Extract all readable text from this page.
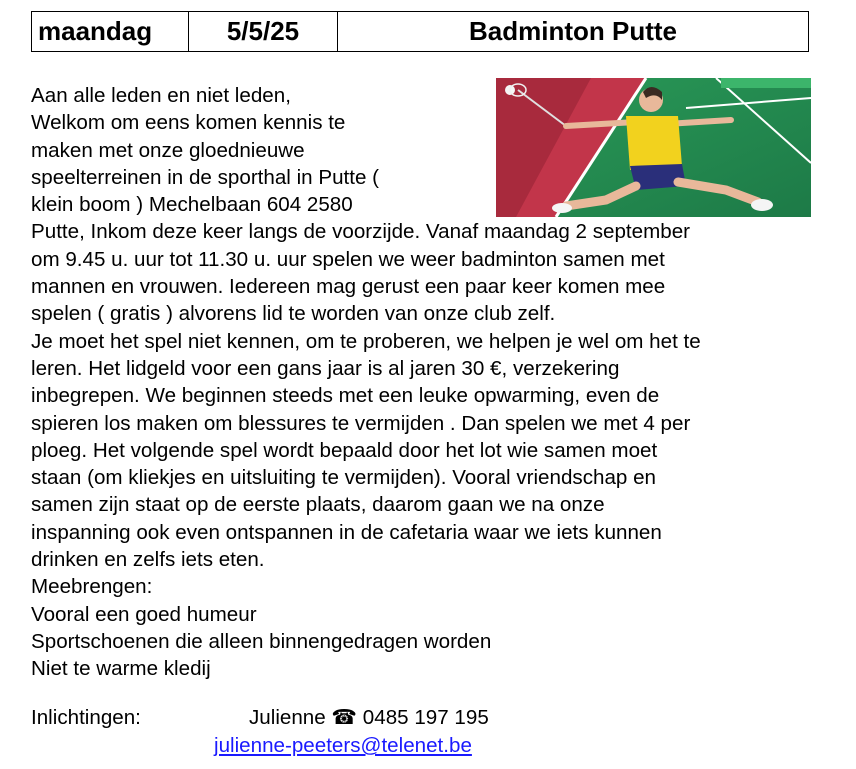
maandag	5/5/25	Badminton Putte
Aan alle leden en niet leden,
Welkom om eens komen kennis te
maken met onze gloednieuwe
speelterreinen in de sporthal in Putte (
klein boom ) Mechelbaan 604 2580
Putte, Inkom deze keer langs de voorzijde. Vanaf maandag 2 september
om 9.45 u. uur tot 11.30 u. uur spelen we weer badminton samen met
mannen en vrouwen. Iedereen mag gerust een paar keer komen mee
spelen ( gratis ) alvorens lid te worden van onze club zelf.
Je moet het spel niet kennen, om te proberen, we helpen je wel om het te
leren. Het lidgeld voor een gans jaar is al jaren 30 €, verzekering
inbegrepen. We beginnen steeds met een leuke opwarming, even de
spieren los maken om blessures te vermijden . Dan spelen we met 4 per
ploeg. Het volgende spel wordt bepaald door het lot wie samen moet
staan (om kliekjes en uitsluiting te vermijden). Vooral vriendschap en
samen zijn staat op de eerste plaats, daarom gaan we na onze
inspanning ook even ontspannen in de cafetaria waar we iets kunnen
drinken en zelfs iets eten.
Meebrengen:
Vooral een goed humeur
Sportschoenen die alleen binnengedragen worden
Niet te warme kledij
Inlichtingen:	Julienne ☎ 0485 197 195
julienne-peeters@telenet.be
